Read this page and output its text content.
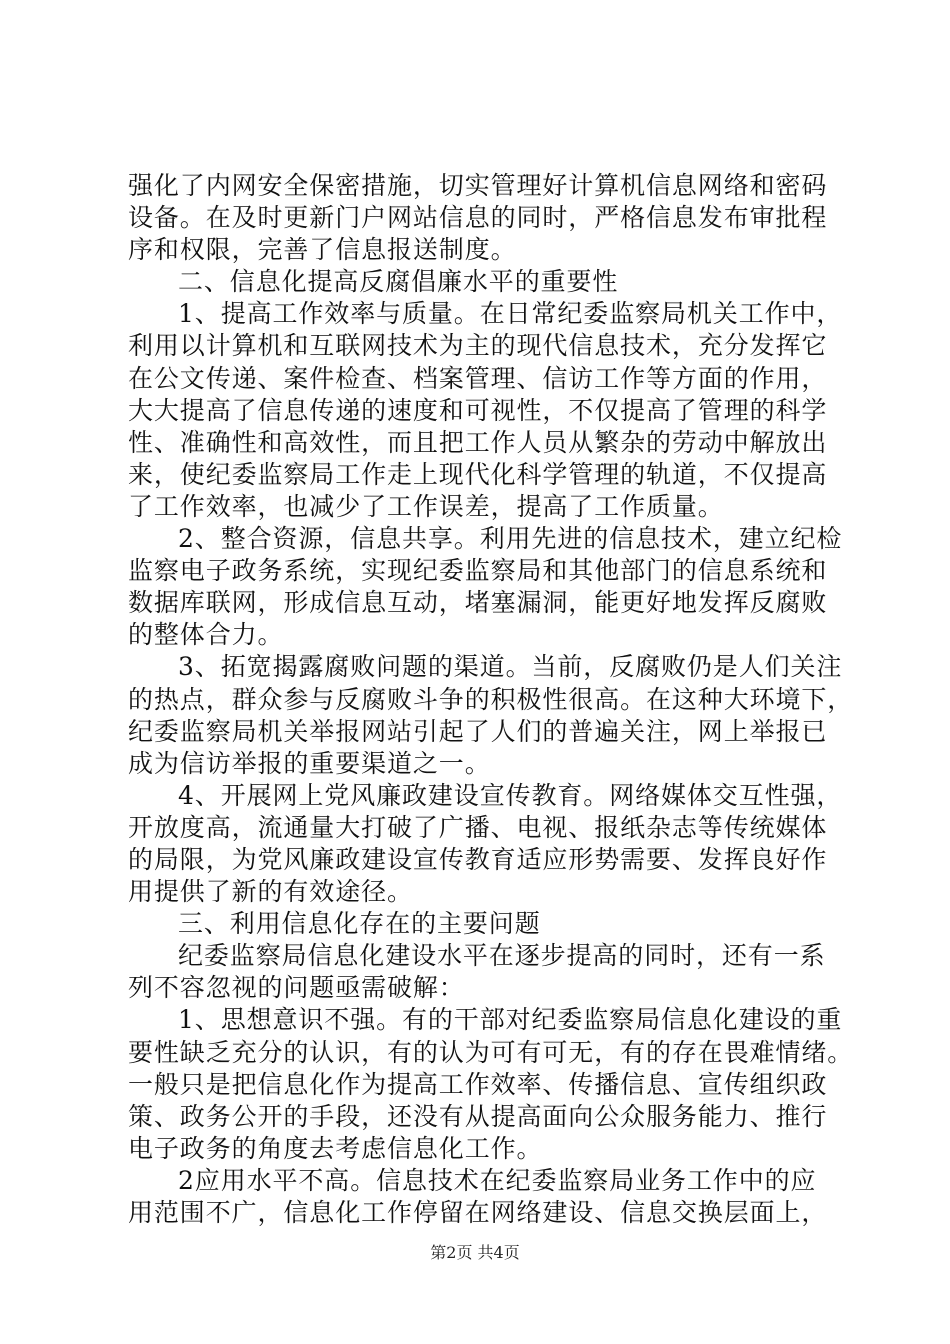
强化了内网安全保密措施，切实管理好计算机信息网络和密码
设备。在及时更新门户网站信息的同时，严格信息发布审批程
序和权限，完善了信息报送制度。
二、信息化提高反腐倡廉水平的重要性
1、提高工作效率与质量。在日常纪委监察局机关工作中，
利用以计算机和互联网技术为主的现代信息技术，充分发挥它
在公文传递、案件检查、档案管理、信访工作等方面的作用，
大大提高了信息传递的速度和可视性，不仅提高了管理的科学
性、准确性和高效性，而且把工作人员从繁杂的劳动中解放出
来，使纪委监察局工作走上现代化科学管理的轨道，不仅提高
了工作效率，也减少了工作误差，提高了工作质量。
2、整合资源，信息共享。利用先进的信息技术，建立纪检
监察电子政务系统，实现纪委监察局和其他部门的信息系统和
数据库联网，形成信息互动，堵塞漏洞，能更好地发挥反腐败
的整体合力。
3、拓宽揭露腐败问题的渠道。当前，反腐败仍是人们关注
的热点，群众参与反腐败斗争的积极性很高。在这种大环境下，
纪委监察局机关举报网站引起了人们的普遍关注，网上举报已
成为信访举报的重要渠道之一。
4、开展网上党风廉政建设宣传教育。网络媒体交互性强，
开放度高，流通量大打破了广播、电视、报纸杂志等传统媒体
的局限，为党风廉政建设宣传教育适应形势需要、发挥良好作
用提供了新的有效途径。
三、利用信息化存在的主要问题
纪委监察局信息化建设水平在逐步提高的同时，还有一系
列不容忽视的问题亟需破解：
1、思想意识不强。有的干部对纪委监察局信息化建设的重
要性缺乏充分的认识，有的认为可有可无，有的存在畏难情绪。
一般只是把信息化作为提高工作效率、传播信息、宣传组织政
策、政务公开的手段，还没有从提高面向公众服务能力、推行
电子政务的角度去考虑信息化工作。
2应用水平不高。信息技术在纪委监察局业务工作中的应
用范围不广，信息化工作停留在网络建设、信息交换层面上，
第2页 共4页
